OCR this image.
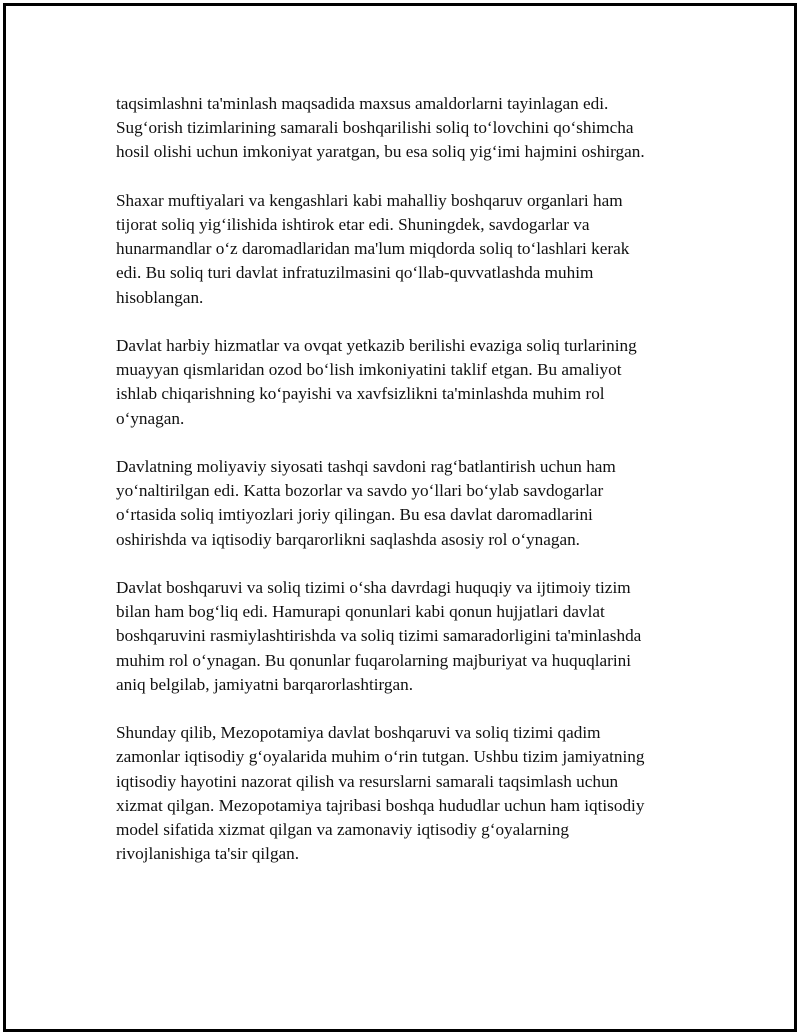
taqsimlashni ta'minlash maqsadida maxsus amaldorlarni tayinlagan edi.
Sug‘orish tizimlarining samarali boshqarilishi soliq to‘lovchini qo‘shimcha
hosil olishi uchun imkoniyat yaratgan, bu esa soliq yig‘imi hajmini oshirgan.

Shaxar muftiyalari va kengashlari kabi mahalliy boshqaruv organlari ham
tijorat soliq yig‘ilishida ishtirok etar edi. Shuningdek, savdogarlar va
hunarmandlar o‘z daromadlaridan ma'lum miqdorda soliq to‘lashlari kerak
edi. Bu soliq turi davlat infratuzilmasini qo‘llab-quvvatlashda muhim
hisoblangan.

Davlat harbiy hizmatlar va ovqat yetkazib berilishi evaziga soliq turlarining
muayyan qismlaridan ozod bo‘lish imkoniyatini taklif etgan. Bu amaliyot
ishlab chiqarishning ko‘payishi va xavfsizlikni ta'minlashda muhim rol
o‘ynagan.

Davlatning moliyaviy siyosati tashqi savdoni rag‘batlantirish uchun ham
yo‘naltirilgan edi. Katta bozorlar va savdo yo‘llari bo‘ylab savdogarlar
o‘rtasida soliq imtiyozlari joriy qilingan. Bu esa davlat daromadlarini
oshirishda va iqtisodiy barqarorlikni saqlashda asosiy rol o‘ynagan.

Davlat boshqaruvi va soliq tizimi o‘sha davrdagi huquqiy va ijtimoiy tizim
bilan ham bog‘liq edi. Hamurapi qonunlari kabi qonun hujjatlari davlat
boshqaruvini rasmiylashtirishda va soliq tizimi samaradorligini ta'minlashda
muhim rol o‘ynagan. Bu qonunlar fuqarolarning majburiyat va huquqlarini
aniq belgilab, jamiyatni barqarorlashtirgan.

Shunday qilib, Mezopotamiya davlat boshqaruvi va soliq tizimi qadim
zamonlar iqtisodiy g‘oyalarida muhim o‘rin tutgan. Ushbu tizim jamiyatning
iqtisodiy hayotini nazorat qilish va resurslarni samarali taqsimlash uchun
xizmat qilgan. Mezopotamiya tajribasi boshqa hududlar uchun ham iqtisodiy
model sifatida xizmat qilgan va zamonaviy iqtisodiy g‘oyalarning
rivojlanishiga ta'sir qilgan.
